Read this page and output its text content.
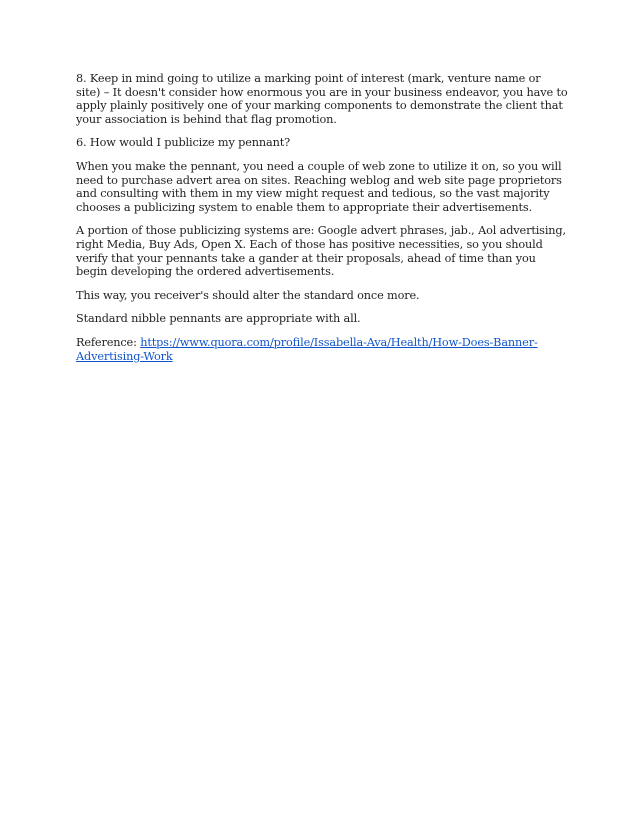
8. Keep in mind going to utilize a marking point of interest (mark, venture name or site) – It doesn't consider how enormous you are in your business endeavor, you have to apply plainly positively one of your marking components to demonstrate the client that your association is behind that flag promotion.

6. How would I publicize my pennant?

When you make the pennant, you need a couple of web zone to utilize it on, so you will need to purchase advert area on sites. Reaching weblog and web site page proprietors and consulting with them in my view might request and tedious, so the vast majority chooses a publicizing system to enable them to appropriate their advertisements.

A portion of those publicizing systems are: Google advert phrases, jab., Aol advertising, right Media, Buy Ads, Open X. Each of those has positive necessities, so you should verify that your pennants take a gander at their proposals, ahead of time than you begin developing the ordered advertisements.

This way, you receiver's should alter the standard once more.

Standard nibble pennants are appropriate with all.

Reference: https://www.quora.com/profile/Issabella-Ava/Health/How-Does-Banner-Advertising-Work
